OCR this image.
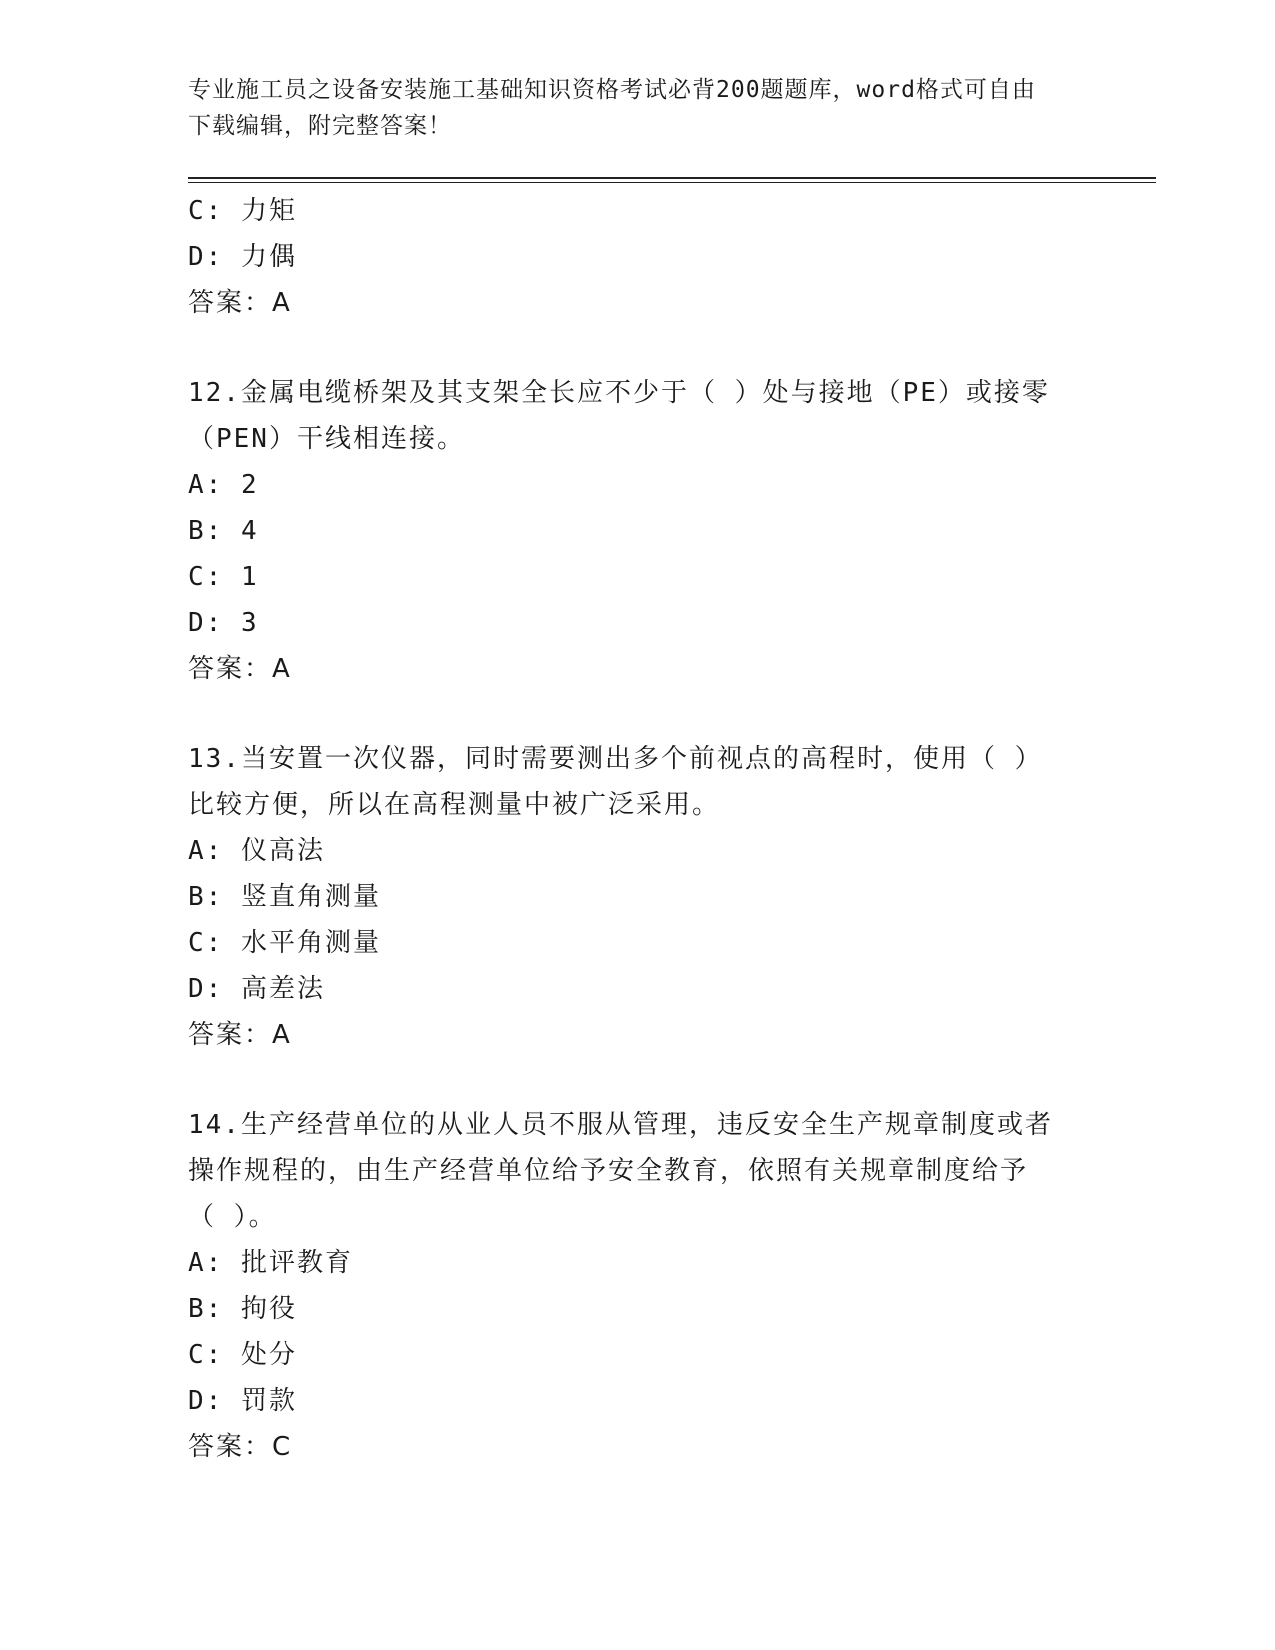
专业施工员之设备安装施工基础知识资格考试必背200题题库，word格式可自由
下载编辑，附完整答案！
C: 力矩
D: 力偶
答案：A
12.金属电缆桥架及其支架全长应不少于（ ）处与接地（PE）或接零
（PEN）干线相连接。
A: 2
B: 4
C: 1
D: 3
答案：A
13.当安置一次仪器，同时需要测出多个前视点的高程时，使用（ ）
比较方便，所以在高程测量中被广泛采用。
A: 仪高法
B: 竖直角测量
C: 水平角测量
D: 高差法
答案：A
14.生产经营单位的从业人员不服从管理，违反安全生产规章制度或者
操作规程的，由生产经营单位给予安全教育，依照有关规章制度给予
（ ）。
A: 批评教育
B: 拘役
C: 处分
D: 罚款
答案：C
